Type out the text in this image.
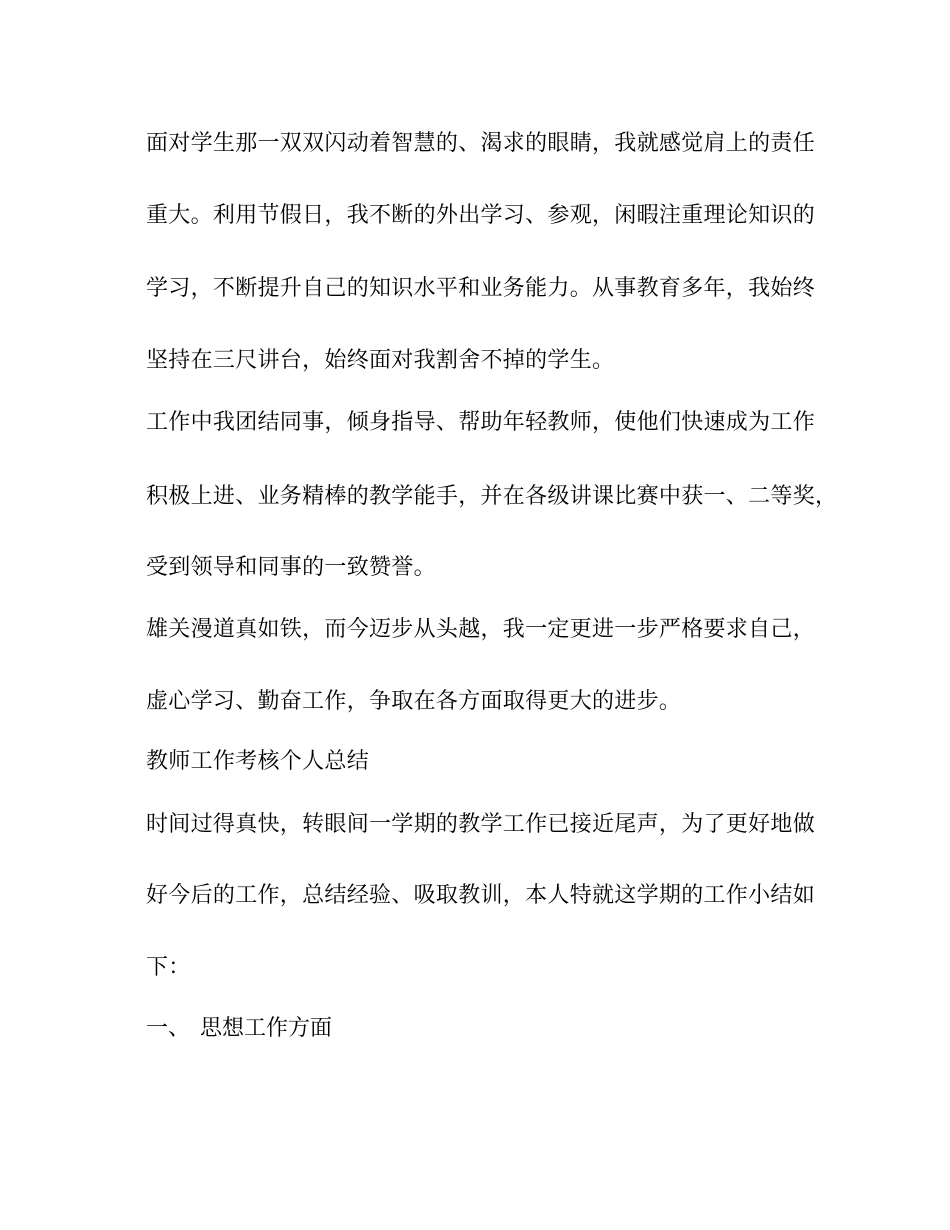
面对学生那一双双闪动着智慧的、渴求的眼睛，我就感觉肩上的责任
重大。利用节假日，我不断的外出学习、参观，闲暇注重理论知识的
学习，不断提升自己的知识水平和业务能力。从事教育多年，我始终
坚持在三尺讲台，始终面对我割舍不掉的学生。
工作中我团结同事，倾身指导、帮助年轻教师，使他们快速成为工作
积极上进、业务精棒的教学能手，并在各级讲课比赛中获一、二等奖，
受到领导和同事的一致赞誉。
雄关漫道真如铁，而今迈步从头越，我一定更进一步严格要求自己，
虚心学习、勤奋工作，争取在各方面取得更大的进步。
教师工作考核个人总结
时间过得真快，转眼间一学期的教学工作已接近尾声，为了更好地做
好今后的工作，总结经验、吸取教训，本人特就这学期的工作小结如
下：
一、 思想工作方面
